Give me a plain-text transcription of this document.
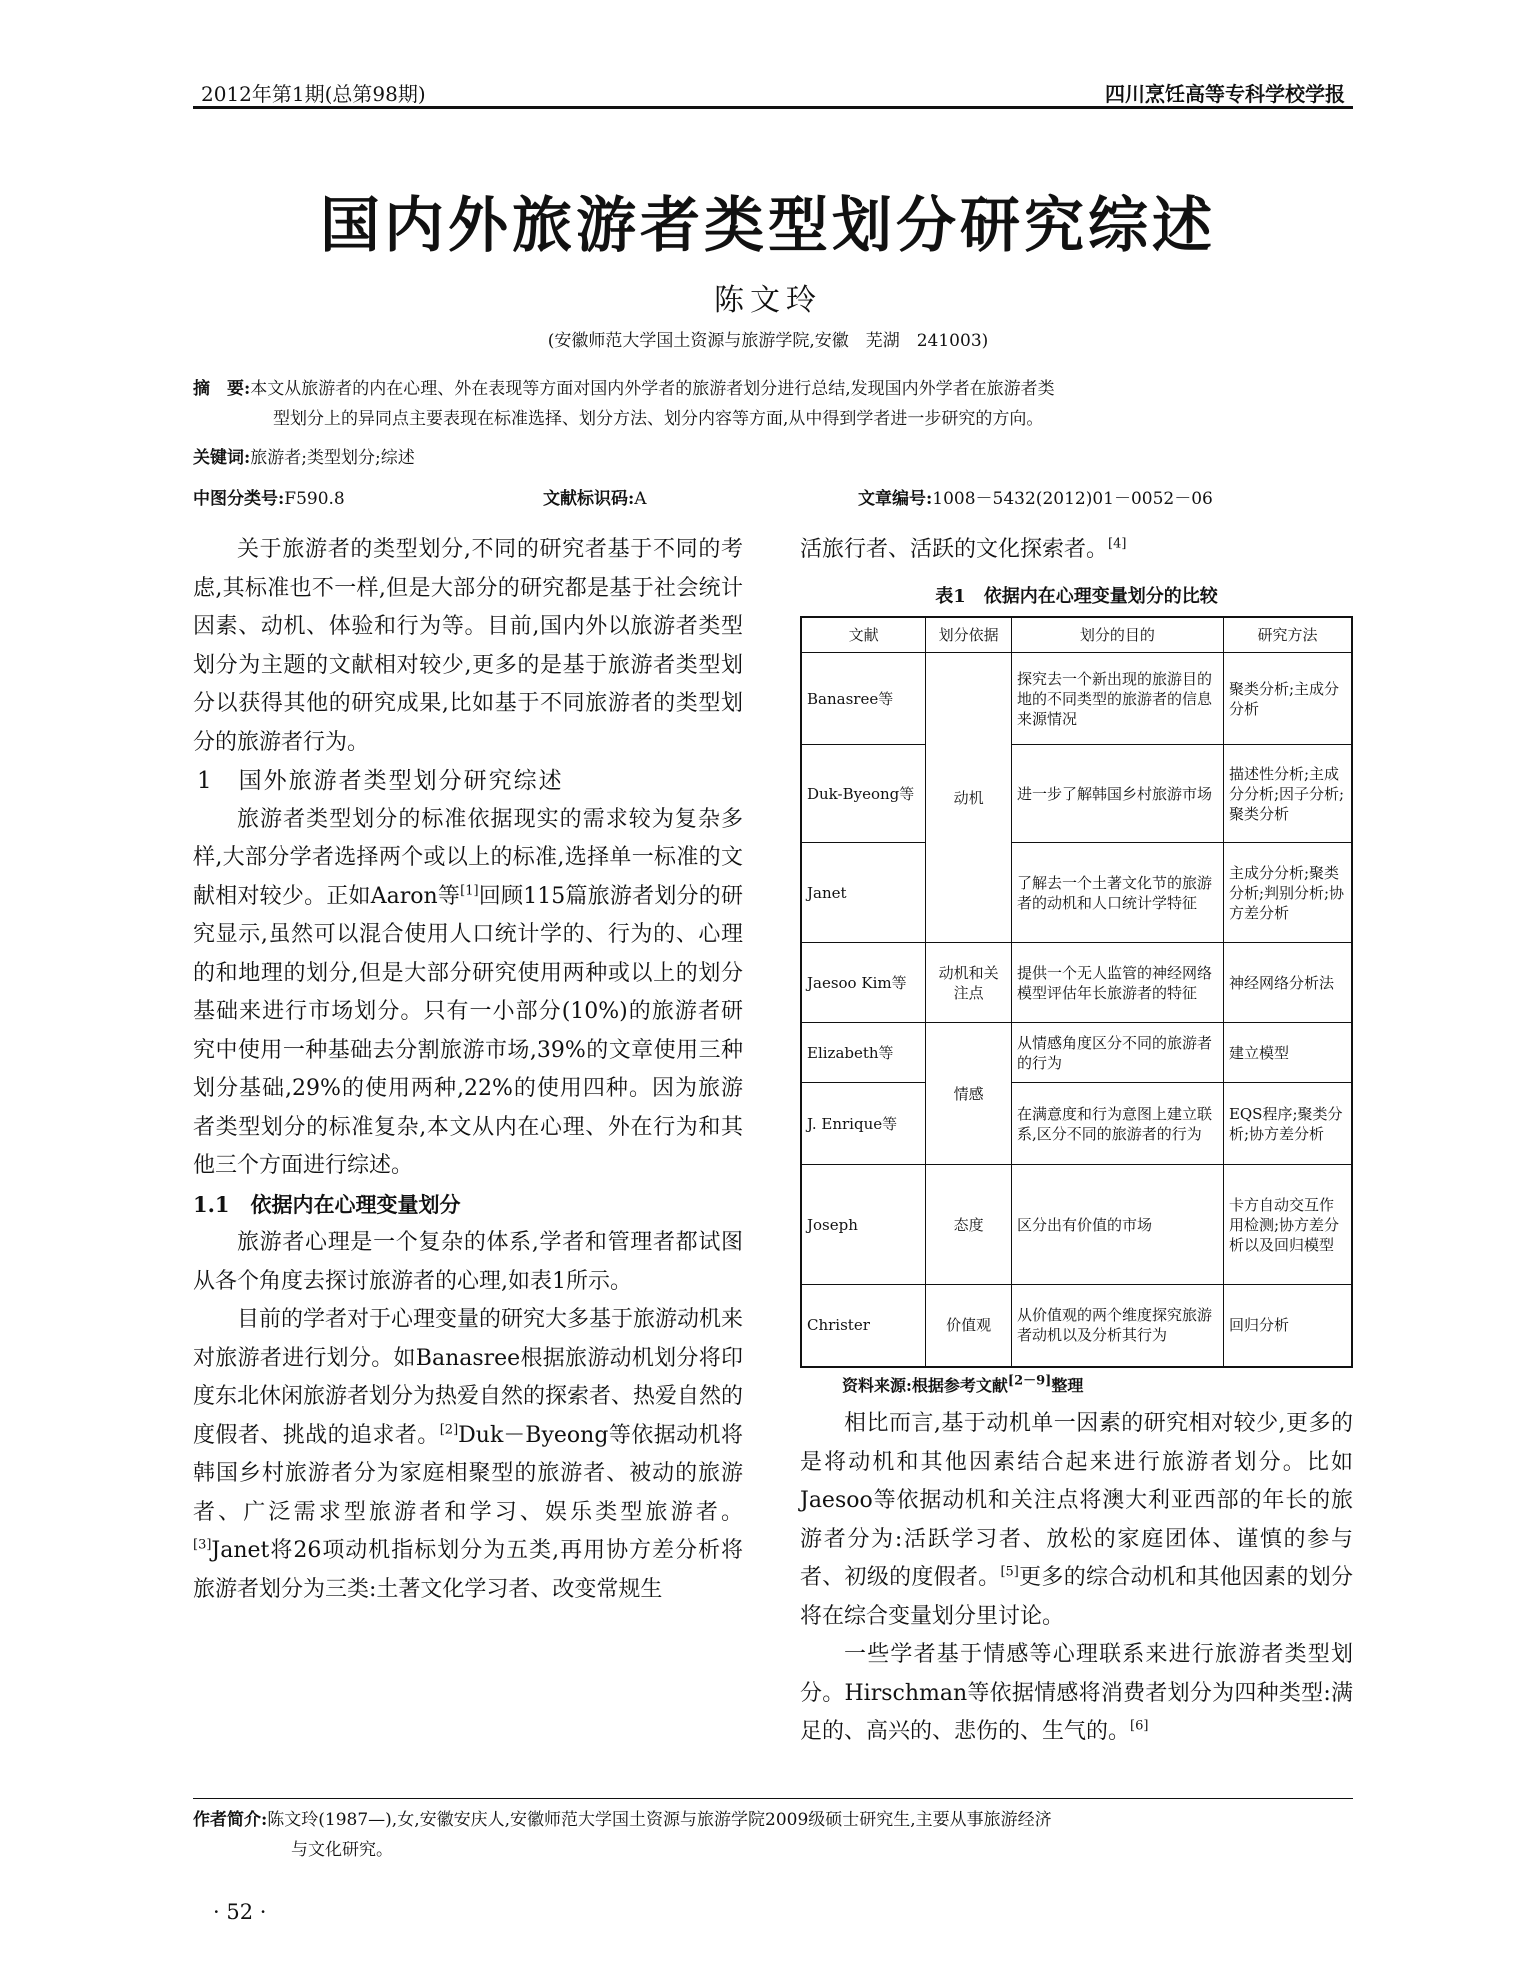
2012年第1期(总第98期)	四川烹饪高等专科学校学报
国内外旅游者类型划分研究综述
陈文玲
(安徽师范大学国土资源与旅游学院,安徽　芜湖　241003)
摘　要:本文从旅游者的内在心理、外在表现等方面对国内外学者的旅游者划分进行总结,发现国内外学者在旅游者类
型划分上的异同点主要表现在标准选择、划分方法、划分内容等方面,从中得到学者进一步研究的方向。
关键词:旅游者;类型划分;综述
中图分类号:F590.8	文献标识码:A	文章编号:1008－5432(2012)01－0052－06

关于旅游者的类型划分,不同的研究者基于不同的考虑,其标准也不一样,但是大部分的研究都是基于社会统计因素、动机、体验和行为等。目前,国内外以旅游者类型划分为主题的文献相对较少,更多的是基于旅游者类型划分以获得其他的研究成果,比如基于不同旅游者的类型划分的旅游者行为。

1　国外旅游者类型划分研究综述

旅游者类型划分的标准依据现实的需求较为复杂多样,大部分学者选择两个或以上的标准,选择单一标准的文献相对较少。正如Aaron等[1]回顾115篇旅游者划分的研究显示,虽然可以混合使用人口统计学的、行为的、心理的和地理的划分,但是大部分研究使用两种或以上的划分基础来进行市场划分。只有一小部分(10%)的旅游者研究中使用一种基础去分割旅游市场,39%的文章使用三种划分基础,29%的使用两种,22%的使用四种。因为旅游者类型划分的标准复杂,本文从内在心理、外在行为和其他三个方面进行综述。

1.1　依据内在心理变量划分

旅游者心理是一个复杂的体系,学者和管理者都试图从各个角度去探讨旅游者的心理,如表1所示。

目前的学者对于心理变量的研究大多基于旅游动机来对旅游者进行划分。如Banasree根据旅游动机划分将印度东北休闲旅游者划分为热爱自然的探索者、热爱自然的度假者、挑战的追求者。[2]Duk－Byeong等依据动机将韩国乡村旅游者分为家庭相聚型的旅游者、被动的旅游者、广泛需求型旅游者和学习、娱乐类型旅游者。[3]Janet将26项动机指标划分为五类,再用协方差分析将旅游者划分为三类:土著文化学习者、改变常规生

活旅行者、活跃的文化探索者。[4]

表1　依据内在心理变量划分的比较
文献	划分依据	划分的目的	研究方法
Banasree等	动机	探究去一个新出现的旅游目的地的不同类型的旅游者的信息来源情况	聚类分析;主成分分析
Duk-Byeong等		进一步了解韩国乡村旅游市场	描述性分析;主成分分析;因子分析;聚类分析
Janet		了解去一个土著文化节的旅游者的动机和人口统计学特征	主成分分析;聚类分析;判别分析;协方差分析
Jaesoo Kim等	动机和关注点	提供一个无人监管的神经网络模型评估年长旅游者的特征	神经网络分析法
Elizabeth等	情感	从情感角度区分不同的旅游者的行为	建立模型
J. Enrique等		在满意度和行为意图上建立联系,区分不同的旅游者的行为	EQS程序;聚类分析;协方差分析
Joseph	态度	区分出有价值的市场	卡方自动交互作用检测;协方差分析以及回归模型
Christer	价值观	从价值观的两个维度探究旅游者动机以及分析其行为	回归分析
资料来源:根据参考文献[2－9]整理

相比而言,基于动机单一因素的研究相对较少,更多的是将动机和其他因素结合起来进行旅游者划分。比如Jaesoo等依据动机和关注点将澳大利亚西部的年长的旅游者分为:活跃学习者、放松的家庭团体、谨慎的参与者、初级的度假者。[5]更多的综合动机和其他因素的划分将在综合变量划分里讨论。

一些学者基于情感等心理联系来进行旅游者类型划分。Hirschman等依据情感将消费者划分为四种类型:满足的、高兴的、悲伤的、生气的。[6]

作者简介:陈文玲(1987—),女,安徽安庆人,安徽师范大学国土资源与旅游学院2009级硕士研究生,主要从事旅游经济
与文化研究。
· 52 ·
